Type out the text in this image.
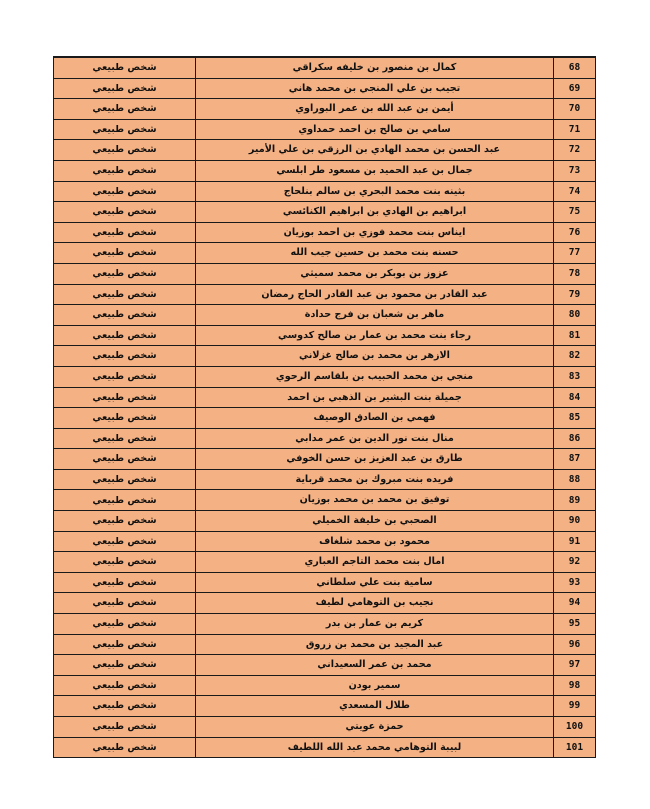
شخص طبيعي	كمال بن منصور بن خليفه سكراقي	68
شخص طبيعي	تجيب بن علي المنجي بن محمد هاني	69
شخص طبيعي	أيمن بن عبد الله بن عمر البوراوي	70
شخص طبيعي	سامي بن صالح بن احمد حمداوي	71
شخص طبيعي	عبد الحسن بن محمد الهادي بن الرزقي بن علي الأمير	72
شخص طبيعي	جمال بن عبد الحميد بن مسعود طر ابلسي	73
شخص طبيعي	بثينه بنت محمد البحري بن سالم بنلحاج	74
شخص طبيعي	ابراهيم بن الهادي بن ابراهيم الكنائسي	75
شخص طبيعي	ايناس بنت محمد فوزي بن احمد بوزيان	76
شخص طبيعي	حسنه بنت محمد بن حسين جيب الله	77
شخص طبيعي	عزوز بن بوبكر بن محمد سميثي	78
شخص طبيعي	عبد القادر بن محمود بن عبد القادر الحاج رمضان	79
شخص طبيعي	ماهر بن شعبان بن فرج حدادة	80
شخص طبيعي	رجاء بنت محمد بن عمار بن صالح كدوسي	81
شخص طبيعي	الازهر بن محمد بن صالح غزلاني	82
شخص طبيعي	منجي بن محمد الحبيب بن بلقاسم الرحوي	83
شخص طبيعي	جميلة بنت البشير بن الذهبي بن احمد	84
شخص طبيعي	فهمي بن الصادق الوصيف	85
شخص طبيعي	منال بنت نور الدين بن عمر مدابي	86
شخص طبيعي	طارق بن عبد العزيز بن حسن الخوفي	87
شخص طبيعي	فريده بنت مبروك بن محمد قرباية	88
شخص طبيعي	توفيق بن محمد بن محمد بوزيان	89
شخص طبيعي	الصحبي بن خليفة الخميلي	90
شخص طبيعي	محمود بن محمد شلغاف	91
شخص طبيعي	امال بنت محمد التاجم العباري	92
شخص طبيعي	سامية بنت علي سلطاني	93
شخص طبيعي	نجيب بن التوهامي لطيف	94
شخص طبيعي	كريم بن عمار بن بدر	95
شخص طبيعي	عبد المجيد بن محمد بن زروق	96
شخص طبيعي	محمد بن عمر السعيداني	97
شخص طبيعي	سمير بودن	98
شخص طبيعي	طلال المسعدي	99
شخص طبيعي	حمزة عويتي	100
شخص طبيعي	لبيبة التوهامي محمد عبد الله اللطيف	101
